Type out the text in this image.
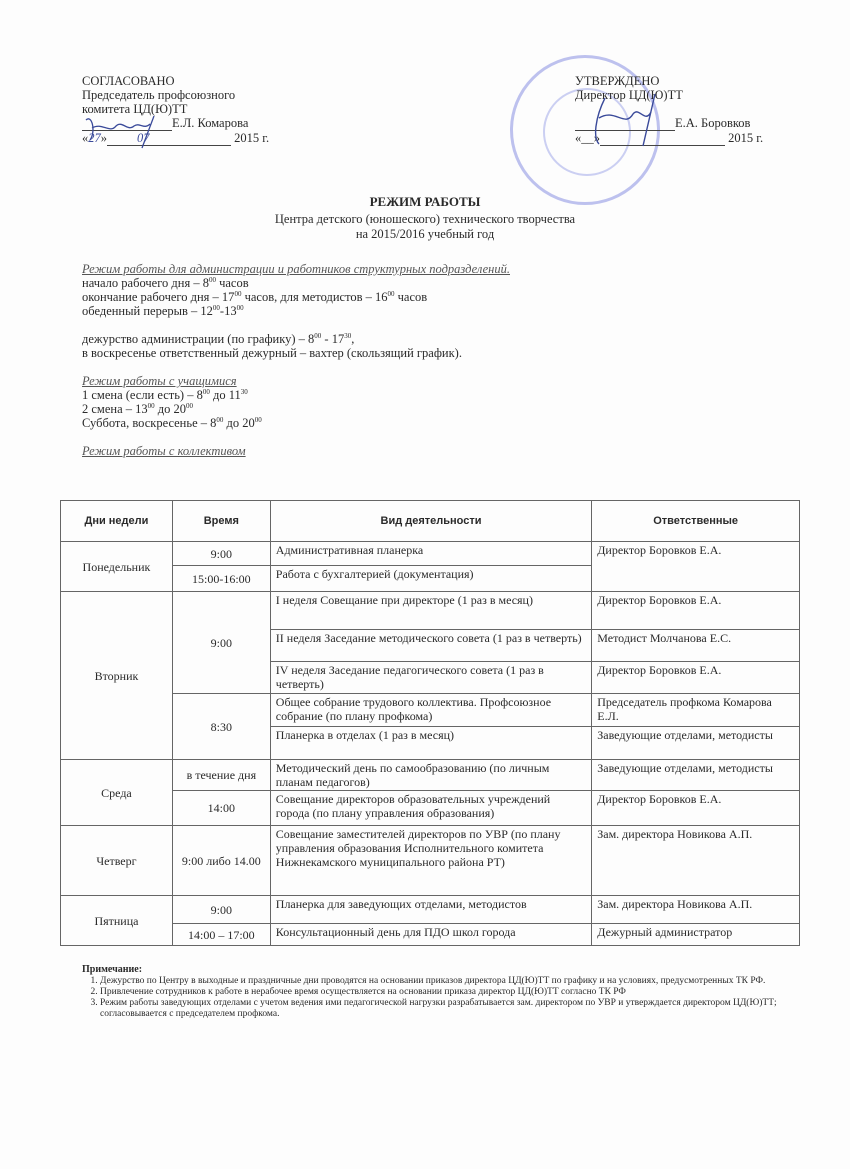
СОГЛАСОВАНО
Председатель профсоюзного
комитета ЦД(Ю)ТТ
Е.Л. Комарова
«27» 07	2015 г.
УТВЕРЖДЕНО
Директор ЦД(Ю)ТТ

Е.А. Боровков
«__»	2015 г.
РЕЖИМ РАБОТЫ
Центра детского (юношеского) технического творчества
на 2015/2016 учебный год
Режим работы для администрации и работников структурных подразделений.
начало рабочего дня – $8^{00}$ часов
окончание рабочего дня – $17^{00}$ часов, для методистов – $16^{00}$ часов
обеденный перерыв – $12^{00}-13^{00}$

дежурство администрации (по графику) – $8^{00} - 17^{30}$,
в воскресенье ответственный дежурный – вахтер (скользящий график).

Режим работы с учащимися
1 смена (если есть) – $8^{00}$ до $11^{30}$
2 смена – $13^{00}$ до $20^{00}$
Суббота, воскресенье – $8^{00}$ до $20^{00}$

Режим работы с коллективом
Дни недели	Время	Вид деятельности	Ответственные
Понедельник	9:00	Административная планерка	Директор Боровков Е.А.
	15:00-16:00	Работа с бухгалтерией (документация)	
Вторник	9:00	I неделя Совещание при директоре (1 раз в месяц)	Директор Боровков Е.А.
		II неделя Заседание методического совета (1 раз в четверть)	Методист Молчанова Е.С.
		IV неделя Заседание педагогического совета (1 раз в четверть)	Директор Боровков Е.А.
	8:30	Общее собрание трудового коллектива. Профсоюзное собрание (по плану профкома)	Председатель профкома Комарова Е.Л.
		Планерка в отделах (1 раз в месяц)	Заведующие отделами, методисты
Среда	в течение дня	Методический день по самообразованию (по личным планам педагогов)	Заведующие отделами, методисты
	14:00	Совещание директоров образовательных учреждений города (по плану управления образования)	Директор Боровков Е.А.
Четверг	9:00 либо 14.00	Совещание заместителей директоров по УВР (по плану управления образования Исполнительного комитета Нижнекамского муниципального района РТ)	Зам. директора Новикова А.П.
Пятница	9:00	Планерка для заведующих отделами, методистов	Зам. директора Новикова А.П.
	14:00 – 17:00	Консультационный день для ПДО школ города	Дежурный администратор
Примечание:
1. Дежурство по Центру в выходные и праздничные дни проводятся на основании приказов директора ЦД(Ю)ТТ по графику и на условиях, предусмотренных ТК РФ.
2. Привлечение сотрудников к работе в нерабочее время осуществляется на основании приказа директор ЦД(Ю)ТТ согласно ТК РФ
3. Режим работы заведующих отделами с учетом ведения ими педагогической нагрузки разрабатывается зам. директором по УВР и утверждается директором ЦД(Ю)ТТ; согласовывается с председателем профкома.
